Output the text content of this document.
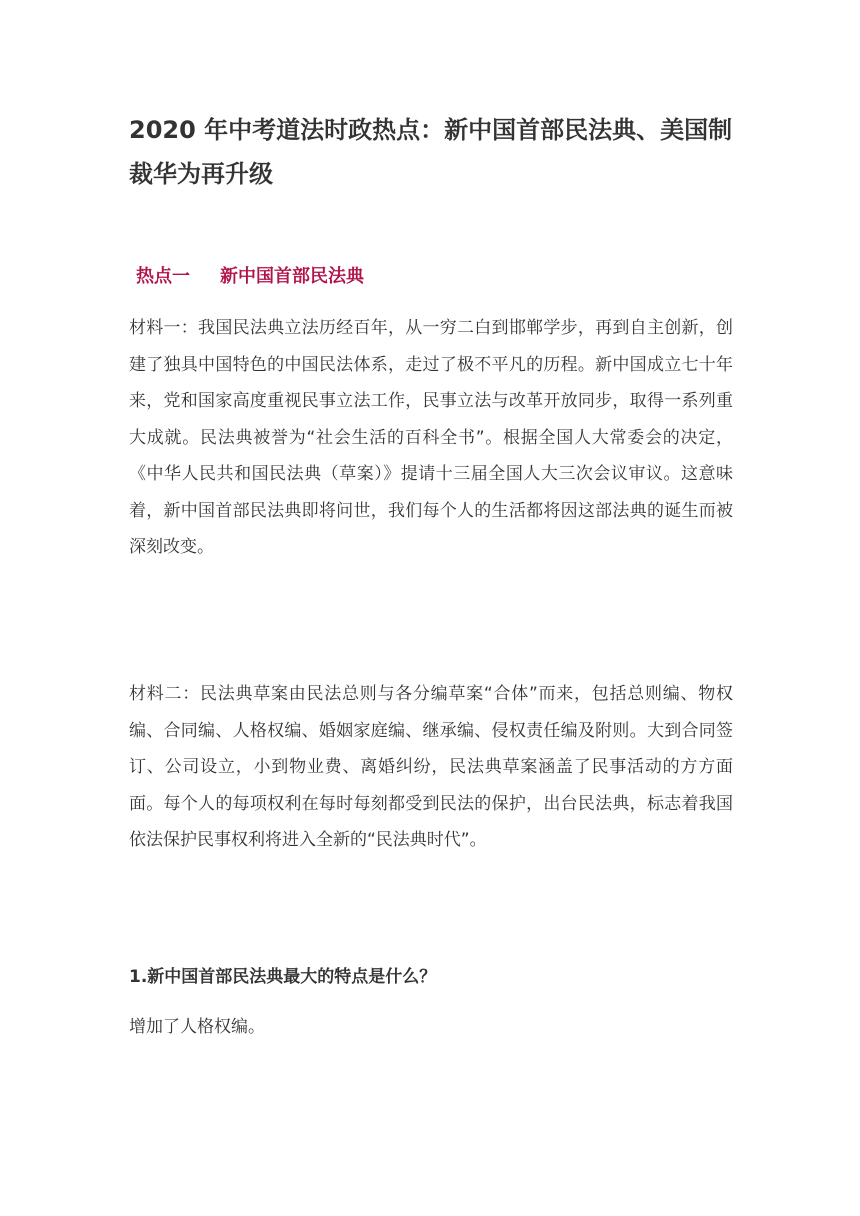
2020 年中考道法时政热点：新中国首部民法典、美国制裁华为再升级
热点一 新中国首部民法典

材料一：我国民法典立法历经百年，从一穷二白到邯郸学步，再到自主创新，创建了独具中国特色的中国民法体系，走过了极不平凡的历程。新中国成立七十年来，党和国家高度重视民事立法工作，民事立法与改革开放同步，取得一系列重大成就。民法典被誉为“社会生活的百科全书”。根据全国人大常委会的决定，《中华人民共和国民法典（草案）》提请十三届全国人大三次会议审议。这意味着，新中国首部民法典即将问世，我们每个人的生活都将因这部法典的诞生而被深刻改变。

材料二：民法典草案由民法总则与各分编草案“合体”而来，包括总则编、物权编、合同编、人格权编、婚姻家庭编、继承编、侵权责任编及附则。大到合同签订、公司设立，小到物业费、离婚纠纷，民法典草案涵盖了民事活动的方方面面。每个人的每项权利在每时每刻都受到民法的保护，出台民法典，标志着我国依法保护民事权利将进入全新的“民法典时代”。

1.新中国首部民法典最大的特点是什么？
增加了人格权编。
